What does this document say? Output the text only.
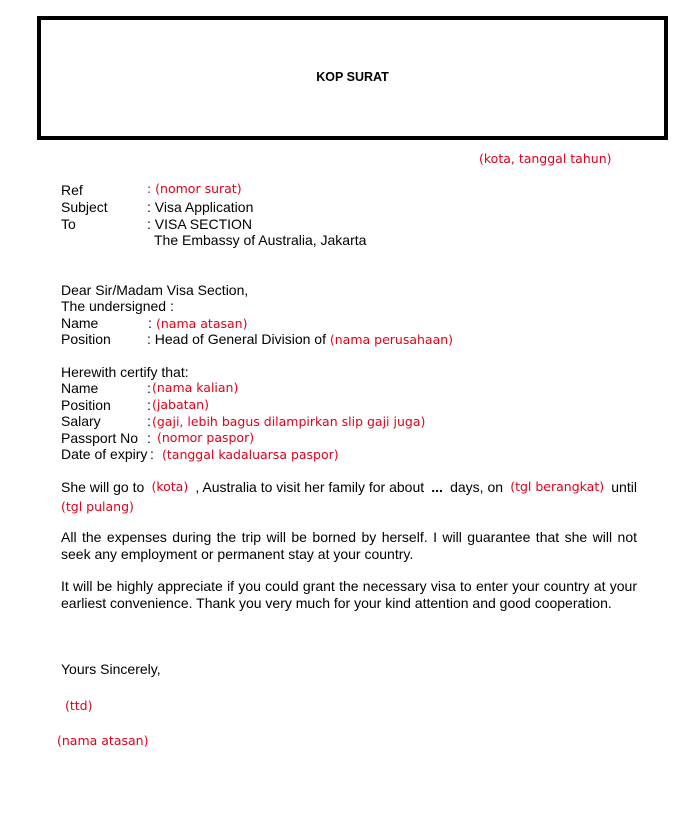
KOP SURAT
(kota, tanggal tahun)
Ref	: (nomor surat)
Subject	: Visa Application
To	: VISA SECTION
The Embassy of Australia, Jakarta
Dear Sir/Madam Visa Section,
The undersigned :
Name	: (nama atasan)
Position	: Head of General Division of (nama perusahaan)
Herewith certify that:
Name	: (nama kalian)
Position	: (jabatan)
Salary	: (gaji, lebih bagus dilampirkan slip gaji juga)
Passport No : (nomor paspor)
Date of expiry : (tanggal kadaluarsa paspor)
She will go to (kota) , Australia to visit her family for about ... days, on (tgl berangkat) until
(tgl pulang)
All the expenses during the trip will be borned by herself. I will guarantee that she will not seek any employment or permanent stay at your country.
It will be highly appreciate if you could grant the necessary visa to enter your country at your earliest convenience. Thank you very much for your kind attention and good cooperation.
Yours Sincerely,
(ttd)
(nama atasan)
